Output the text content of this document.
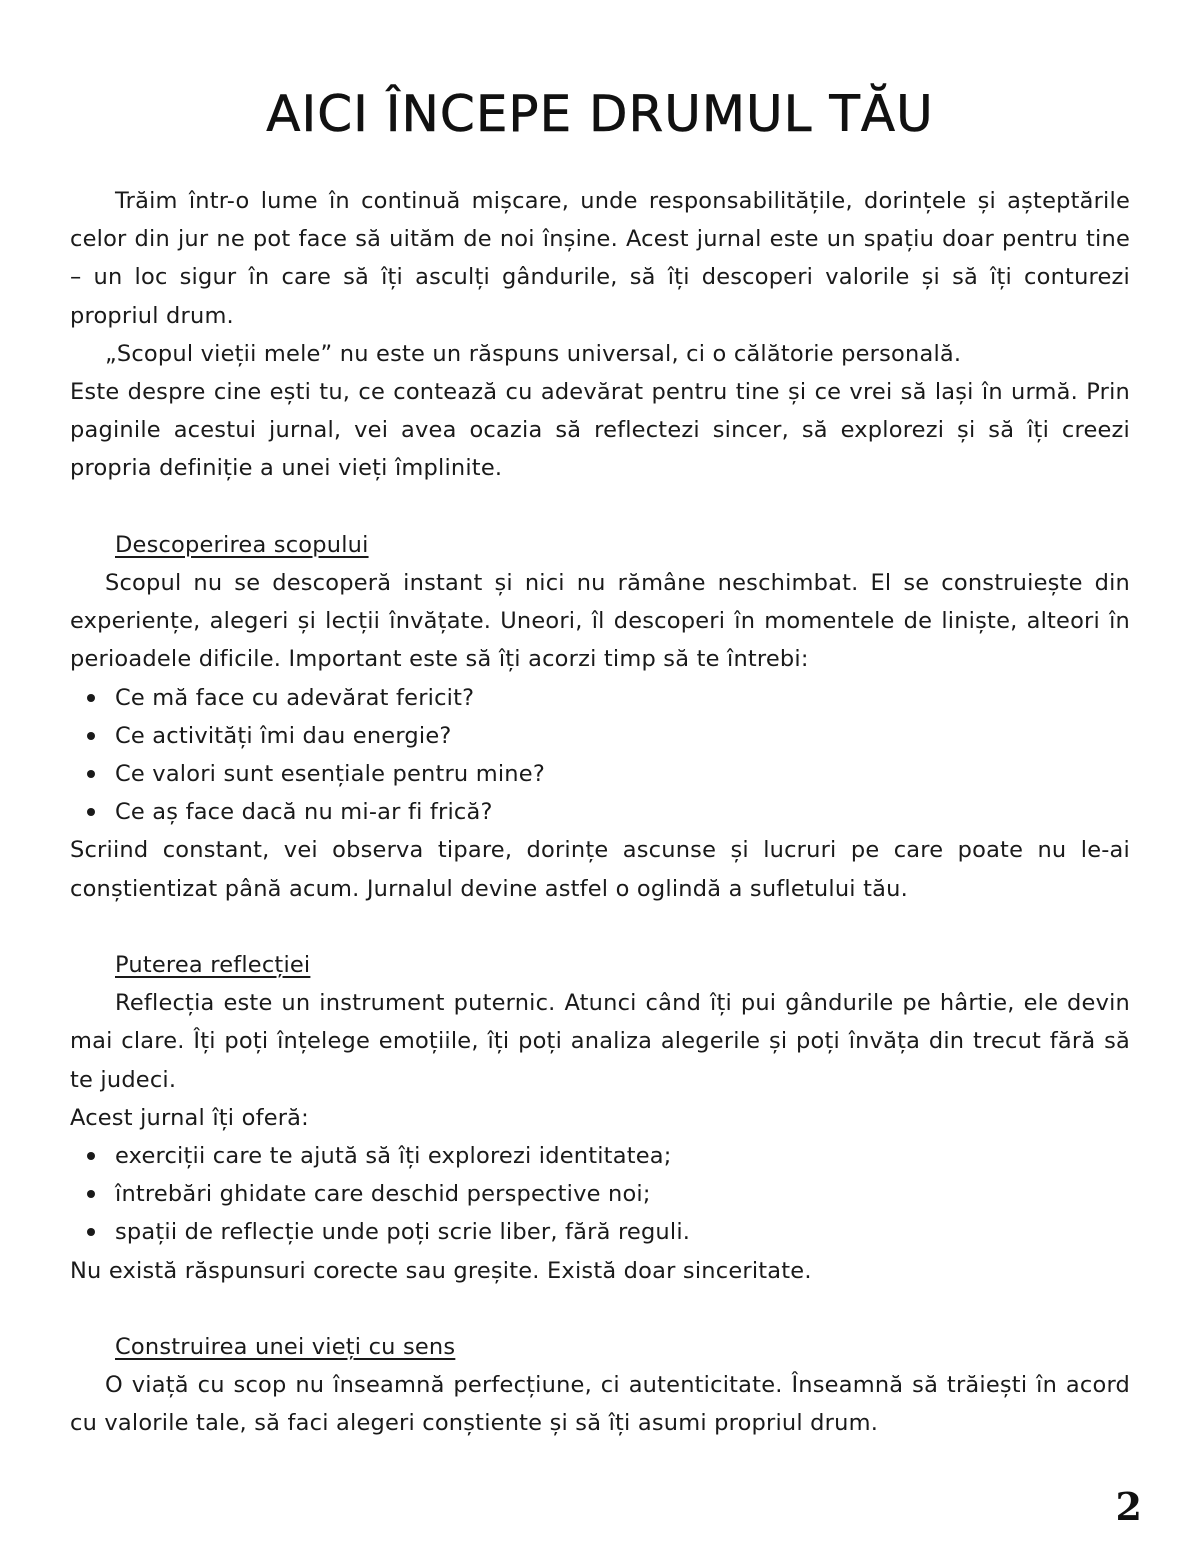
AICI ÎNCEPE DRUMUL TĂU

Trăim într-o lume în continuă mișcare, unde responsabilitățile, dorințele și așteptările celor din jur ne pot face să uităm de noi înșine. Acest jurnal este un spațiu doar pentru tine – un loc sigur în care să îți asculți gândurile, să îți descoperi valorile și să îți conturezi propriul drum.

„Scopul vieții mele” nu este un răspuns universal, ci o călătorie personală.

Este despre cine ești tu, ce contează cu adevărat pentru tine și ce vrei să lași în urmă. Prin paginile acestui jurnal, vei avea ocazia să reflectezi sincer, să explorezi și să îți creezi propria definiție a unei vieți împlinite.

Descoperirea scopului

Scopul nu se descoperă instant și nici nu rămâne neschimbat. El se construiește din experiențe, alegeri și lecții învățate. Uneori, îl descoperi în momentele de liniște, alteori în perioadele dificile. Important este să îți acorzi timp să te întrebi:

Ce mă face cu adevărat fericit?
Ce activități îmi dau energie?
Ce valori sunt esențiale pentru mine?
Ce aș face dacă nu mi-ar fi frică?

Scriind constant, vei observa tipare, dorințe ascunse și lucruri pe care poate nu le-ai conștientizat până acum. Jurnalul devine astfel o oglindă a sufletului tău.

Puterea reflecției

Reflecția este un instrument puternic. Atunci când îți pui gândurile pe hârtie, ele devin mai clare. Îți poți înțelege emoțiile, îți poți analiza alegerile și poți învăța din trecut fără să te judeci.

Acest jurnal îți oferă:

exerciții care te ajută să îți explorezi identitatea;
întrebări ghidate care deschid perspective noi;
spații de reflecție unde poți scrie liber, fără reguli.

Nu există răspunsuri corecte sau greșite. Există doar sinceritate.

Construirea unei vieți cu sens

O viață cu scop nu înseamnă perfecțiune, ci autenticitate. Înseamnă să trăiești în acord cu valorile tale, să faci alegeri conștiente și să îți asumi propriul drum.

2
